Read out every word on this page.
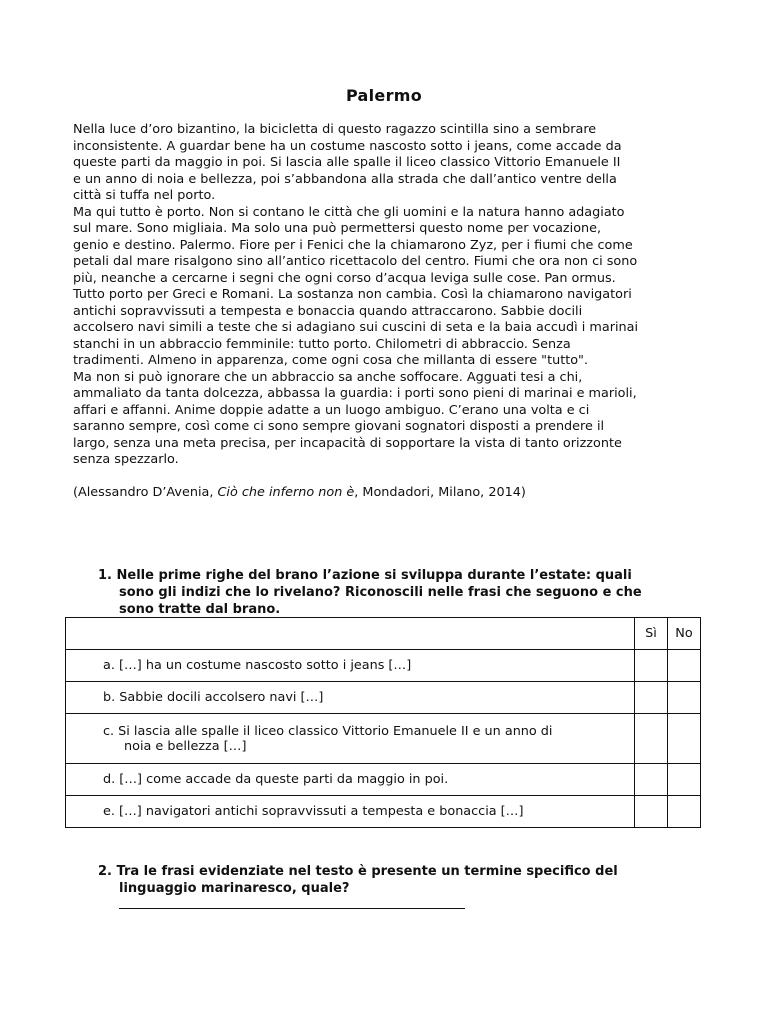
Palermo
Nella luce d’oro bizantino, la bicicletta di questo ragazzo scintilla sino a sembrare
inconsistente. A guardar bene ha un costume nascosto sotto i jeans, come accade da
queste parti da maggio in poi. Si lascia alle spalle il liceo classico Vittorio Emanuele II
e un anno di noia e bellezza, poi s’abbandona alla strada che dall’antico ventre della
città si tuffa nel porto.
Ma qui tutto è porto. Non si contano le città che gli uomini e la natura hanno adagiato
sul mare. Sono migliaia. Ma solo una può permettersi questo nome per vocazione,
genio e destino. Palermo. Fiore per i Fenici che la chiamarono Zyz, per i fiumi che come
petali dal mare risalgono sino all’antico ricettacolo del centro. Fiumi che ora non ci sono
più, neanche a cercarne i segni che ogni corso d’acqua leviga sulle cose. Pan ormus.
Tutto porto per Greci e Romani. La sostanza non cambia. Così la chiamarono navigatori
antichi sopravvissuti a tempesta e bonaccia quando attraccarono. Sabbie docili
accolsero navi simili a teste che si adagiano sui cuscini di seta e la baia accudì i marinai
stanchi in un abbraccio femminile: tutto porto. Chilometri di abbraccio. Senza
tradimenti. Almeno in apparenza, come ogni cosa che millanta di essere "tutto".
Ma non si può ignorare che un abbraccio sa anche soffocare. Agguati tesi a chi,
ammaliato da tanta dolcezza, abbassa la guardia: i porti sono pieni di marinai e marioli,
affari e affanni. Anime doppie adatte a un luogo ambiguo. C’erano una volta e ci
saranno sempre, così come ci sono sempre giovani sognatori disposti a prendere il
largo, senza una meta precisa, per incapacità di sopportare la vista di tanto orizzonte
senza spezzarlo.
(Alessandro D’Avenia, Ciò che inferno non è, Mondadori, Milano, 2014)
1. Nelle prime righe del brano l’azione si sviluppa durante l’estate: quali
sono gli indizi che lo rivelano? Riconoscili nelle frasi che seguono e che
sono tratte dal brano.
	Sì	No
a. […] ha un costume nascosto sotto i jeans […]		
b. Sabbie docili accolsero navi […]		
c. Si lascia alle spalle il liceo classico Vittorio Emanuele II e un anno di
noia e bellezza […]		

d. […] come accade da queste parti da maggio in poi.		
e. […] navigatori antichi sopravvissuti a tempesta e bonaccia […]		
2. Tra le frasi evidenziate nel testo è presente un termine specifico del
linguaggio marinaresco, quale?
